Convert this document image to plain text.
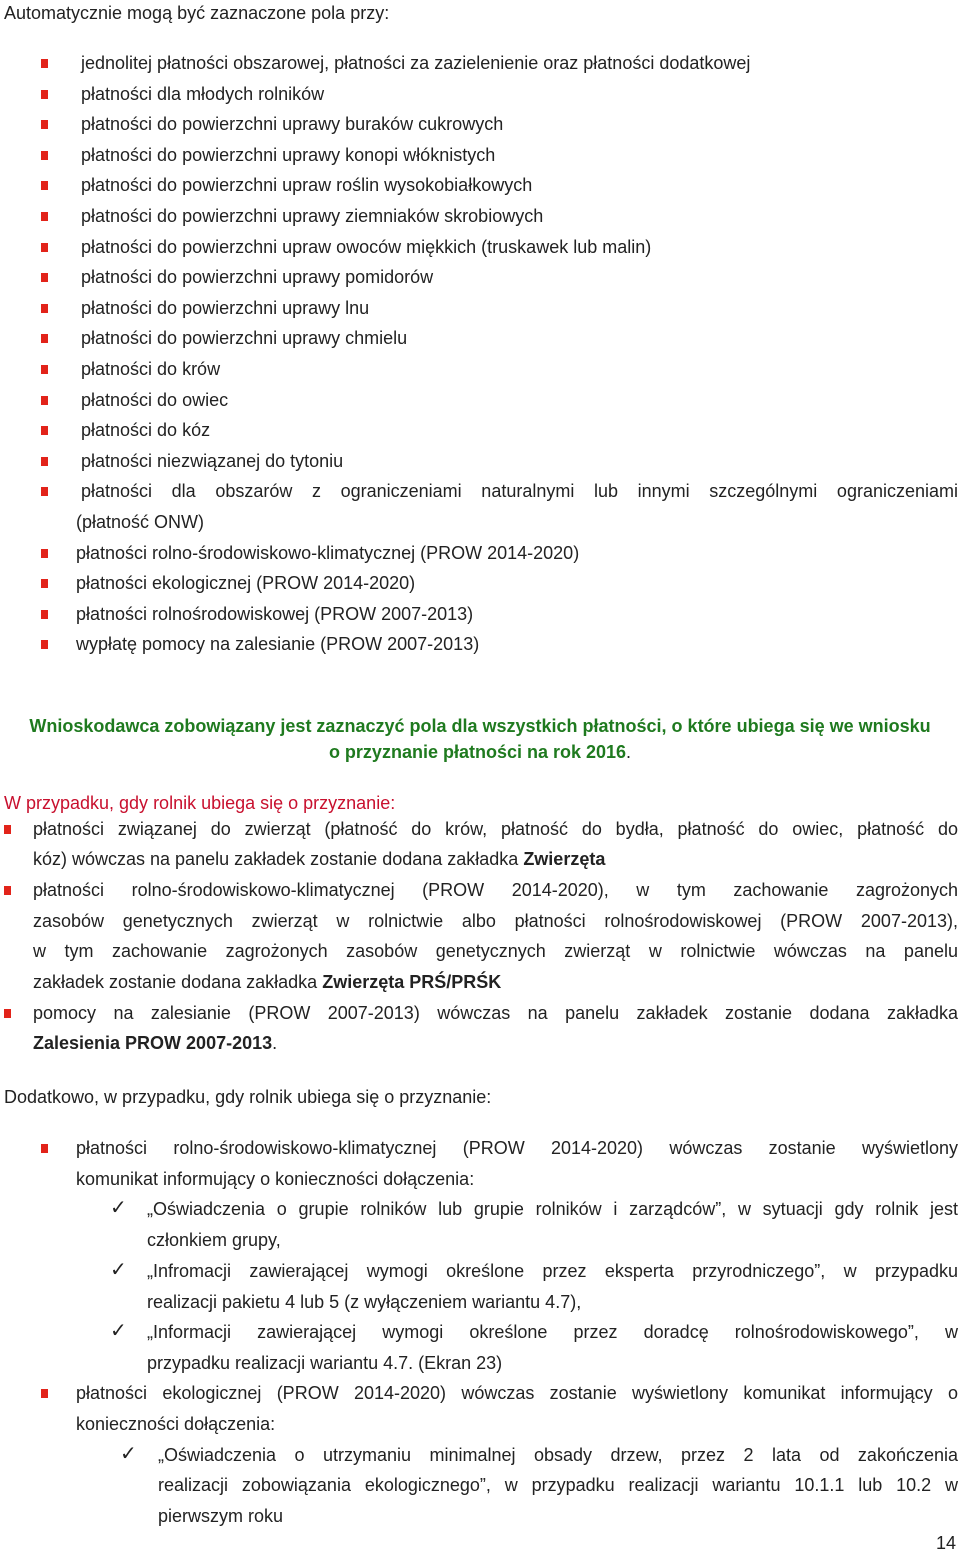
Automatycznie mogą być zaznaczone pola przy:
jednolitej płatności obszarowej, płatności za zazielenienie oraz płatności dodatkowej
płatności dla młodych rolników
płatności do powierzchni uprawy buraków cukrowych
płatności do powierzchni uprawy konopi włóknistych
płatności do powierzchni upraw roślin wysokobiałkowych
płatności do powierzchni uprawy ziemniaków skrobiowych
płatności do powierzchni upraw owoców miękkich (truskawek lub malin)
płatności do powierzchni uprawy pomidorów
płatności do powierzchni uprawy lnu
płatności do powierzchni uprawy chmielu
płatności do krów
płatności do owiec
płatności do kóz
płatności niezwiązanej do tytoniu
płatności dla obszarów z ograniczeniami naturalnymi lub innymi szczególnymi ograniczeniami
(płatność ONW)
płatności rolno-środowiskowo-klimatycznej (PROW 2014-2020)
płatności ekologicznej (PROW 2014-2020)
płatności rolnośrodowiskowej (PROW 2007-2013)
wypłatę pomocy na zalesianie (PROW 2007-2013)
Wnioskodawca zobowiązany jest zaznaczyć pola dla wszystkich płatności, o które ubiega się we wniosku
o przyznanie płatności na rok 2016.
W przypadku, gdy rolnik ubiega się o przyznanie:
płatności związanej do zwierząt (płatność do krów, płatność do bydła, płatność do owiec, płatność do
kóz) wówczas na panelu zakładek zostanie dodana zakładka Zwierzęta
płatności rolno-środowiskowo-klimatycznej (PROW 2014-2020), w tym zachowanie zagrożonych
zasobów genetycznych zwierząt w rolnictwie albo płatności rolnośrodowiskowej (PROW 2007-2013),
w tym zachowanie zagrożonych zasobów genetycznych zwierząt w rolnictwie wówczas na panelu
zakładek zostanie dodana zakładka Zwierzęta PRŚ/PRŚK
pomocy na zalesianie (PROW 2007-2013) wówczas na panelu zakładek zostanie dodana zakładka
Zalesienia PROW 2007-2013.
Dodatkowo, w przypadku, gdy rolnik ubiega się o przyznanie:
płatności rolno-środowiskowo-klimatycznej (PROW 2014-2020) wówczas zostanie wyświetlony
komunikat informujący o konieczności dołączenia:
✓ „Oświadczenia o grupie rolników lub grupie rolników i zarządców”, w sytuacji gdy rolnik jest
członkiem grupy,
✓ „Infromacji zawierającej wymogi określone przez eksperta przyrodniczego”, w przypadku
realizacji pakietu 4 lub 5 (z wyłączeniem wariantu 4.7),
✓ „Informacji zawierającej wymogi określone przez doradcę rolnośrodowiskowego”, w
przypadku realizacji wariantu 4.7. (Ekran 23)
płatności ekologicznej (PROW 2014-2020) wówczas zostanie wyświetlony komunikat informujący o
konieczności dołączenia:
✓ „Oświadczenia o utrzymaniu minimalnej obsady drzew, przez 2 lata od zakończenia
realizacji zobowiązania ekologicznego”, w przypadku realizacji wariantu 10.1.1 lub 10.2 w
pierwszym roku
14
